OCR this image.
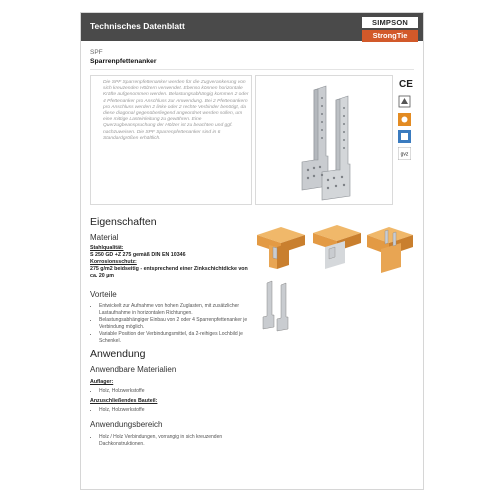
Technisches Datenblatt	SIMPSON
StrongTie
SPF
Sparrenpfettenanker

Die SPF Sparrenpfettenanker werden für die Zugverankerung von sich kreuzenden Hölzern verwendet. Ebenso können horizontale Kräfte aufgenommen werden. Belastungsabhängig kommen 2 oder 4 Pfettenanker pro Anschluss zur Anwendung. Bei 2 Pfettenankern pro Anschluss werden 2 linke oder 2 rechte Verbinder benötigt, da diese diagonal gegenüberliegend angeordnet werden sollen, um eine mittige Lasteinleitung zu gewähren. Eine Querzugbeanspruchung der Hölzer ist zu beachten und ggf. nachzuweisen. Die SPF Sparrenpfettenanker sind in 6 Standardgrößen erhältlich.

CE
gvz
Eigenschaften
Material
Stahlqualität:
S 250 GD +Z 275 gemäß DIN EN 10346
Korrosionsschutz:
275 g/m2 beidseitig - entsprechend einer Zinkschichtdicke von ca. 20 µm
Vorteile
• Entwickelt zur Aufnahme von hohen Zuglasten, mit zusätzlicher Lastaufnahme in horizontalen Richtungen.
• Belastungsabhängiger Einbau von 2 oder 4 Sparrenpfettenanker je Verbindung möglich.
• Variable Position der Verbindungsmittel, da 2-reihiges Lochbild je Schenkel.
Anwendung
Anwendbare Materialien
Auflager:
• Holz, Holzwerkstoffe
Anzuschließendes Bauteil:
• Holz, Holzwerkstoffe
Anwendungsbereich
• Holz / Holz Verbindungen, vorrangig in sich kreuzenden Dachkonstruktionen.
